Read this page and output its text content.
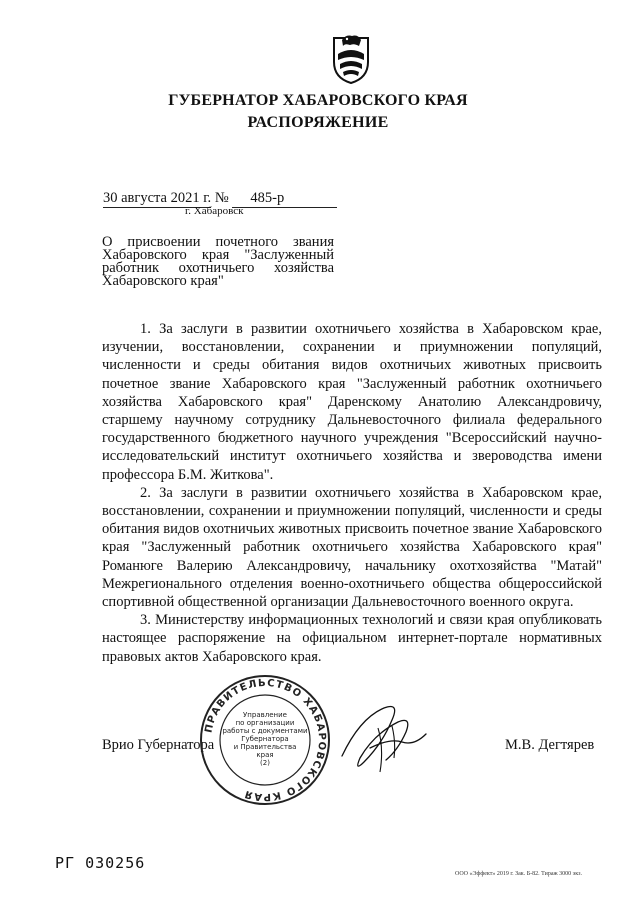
ГУБЕРНАТОР ХАБАРОВСКОГО КРАЯ
РАСПОРЯЖЕНИЕ
30 августа 2021 г. № 485-р
г. Хабаровск
О присвоении почетного звания Хабаровского края "Заслуженный работник охотничьего хозяйства Хабаровского края"

1. За заслуги в развитии охотничьего хозяйства в Хабаровском крае, изучении, восстановлении, сохранении и приумножении популяций, численности и среды обитания видов охотничьих животных присвоить почетное звание Хабаровского края "Заслуженный работник охотничьего хозяйства Хабаровского края" Даренскому Анатолию Александровичу, старшему научному сотруднику Дальневосточного филиала федерального государственного бюджетного научного учреждения "Всероссийский научно-исследовательский институт охотничьего хозяйства и звероводства имени профессора Б.М. Житкова".

2. За заслуги в развитии охотничьего хозяйства в Хабаровском крае, восстановлении, сохранении и приумножении популяций, численности и среды обитания видов охотничьих животных присвоить почетное звание Хабаровского края "Заслуженный работник охотничьего хозяйства Хабаровского края" Романюге Валерию Александровичу, начальнику охотхозяйства "Матай" Межрегионального отделения военно-охотничьего общества общероссийской спортивной общественной организации Дальневосточного военного округа.

3. Министерству информационных технологий и связи края опубликовать настоящее распоряжение на официальном интернет-портале нормативных правовых актов Хабаровского края.

Врио Губернатора	М.В. Дегтярев
ПРАВИТЕЛЬСТВО ХАБАРОВСКОГО КРАЯ
Управление
по организации
работы с документами
Губернатора
и Правительства
края
(2)
РГ 030256
ООО «Эффект» 2019 г. Зак. Б-82. Тираж 3000 экз.
